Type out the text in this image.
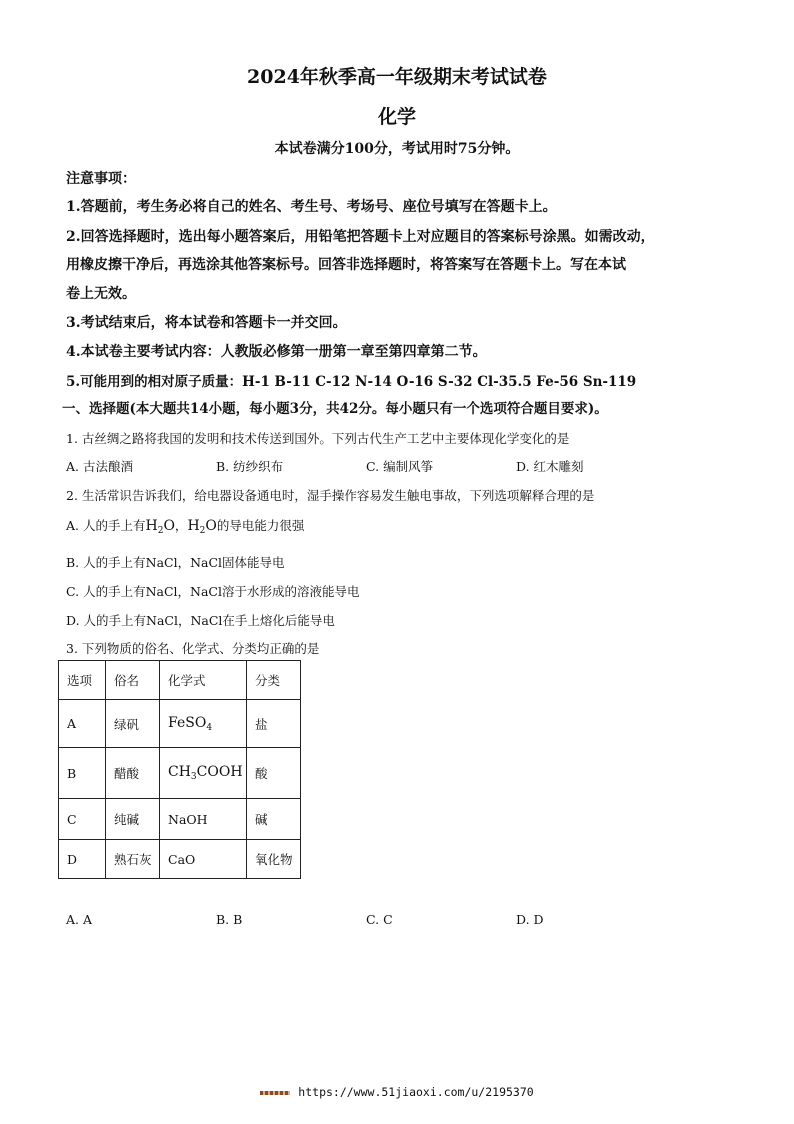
2024年秋季高一年级期末考试试卷
化学
本试卷满分100分，考试用时75分钟。
注意事项：
1.答题前，考生务必将自己的姓名、考生号、考场号、座位号填写在答题卡上。
2.回答选择题时，选出每小题答案后，用铅笔把答题卡上对应题目的答案标号涂黑。如需改动，
用橡皮擦干净后，再选涂其他答案标号。回答非选择题时，将答案写在答题卡上。写在本试
卷上无效。
3.考试结束后，将本试卷和答题卡一并交回。
4.本试卷主要考试内容：人教版必修第一册第一章至第四章第二节。
5.可能用到的相对原子质量：H-1 B-11 C-12 N-14 O-16 S-32 Cl-35.5 Fe-56 Sn-119
一、选择题(本大题共14小题，每小题3分，共42分。每小题只有一个选项符合题目要求)。
1. 古丝绸之路将我国的发明和技术传送到国外。下列古代生产工艺中主要体现化学变化的是
A. 古法酿酒	B. 纺纱织布	C. 编制风筝	D. 红木雕刻
2. 生活常识告诉我们，给电器设备通电时，湿手操作容易发生触电事故，下列选项解释合理的是
A. 人的手上有$H_2O$，$H_2O$的导电能力很强
B. 人的手上有NaCl，NaCl固体能导电
C. 人的手上有NaCl，NaCl溶于水形成的溶液能导电
D. 人的手上有NaCl，NaCl在手上熔化后能导电
3. 下列物质的俗名、化学式、分类均正确的是
选项	俗名	化学式	分类
A	绿矾	FeSO$_4$	盐
B	醋酸	$CH_3COOH$	酸
C	纯碱	NaOH	碱
D	熟石灰	CaO	氧化物
A. A	B. B	C. C	D. D
https://www.51jiaoxi.com/u/2195370
